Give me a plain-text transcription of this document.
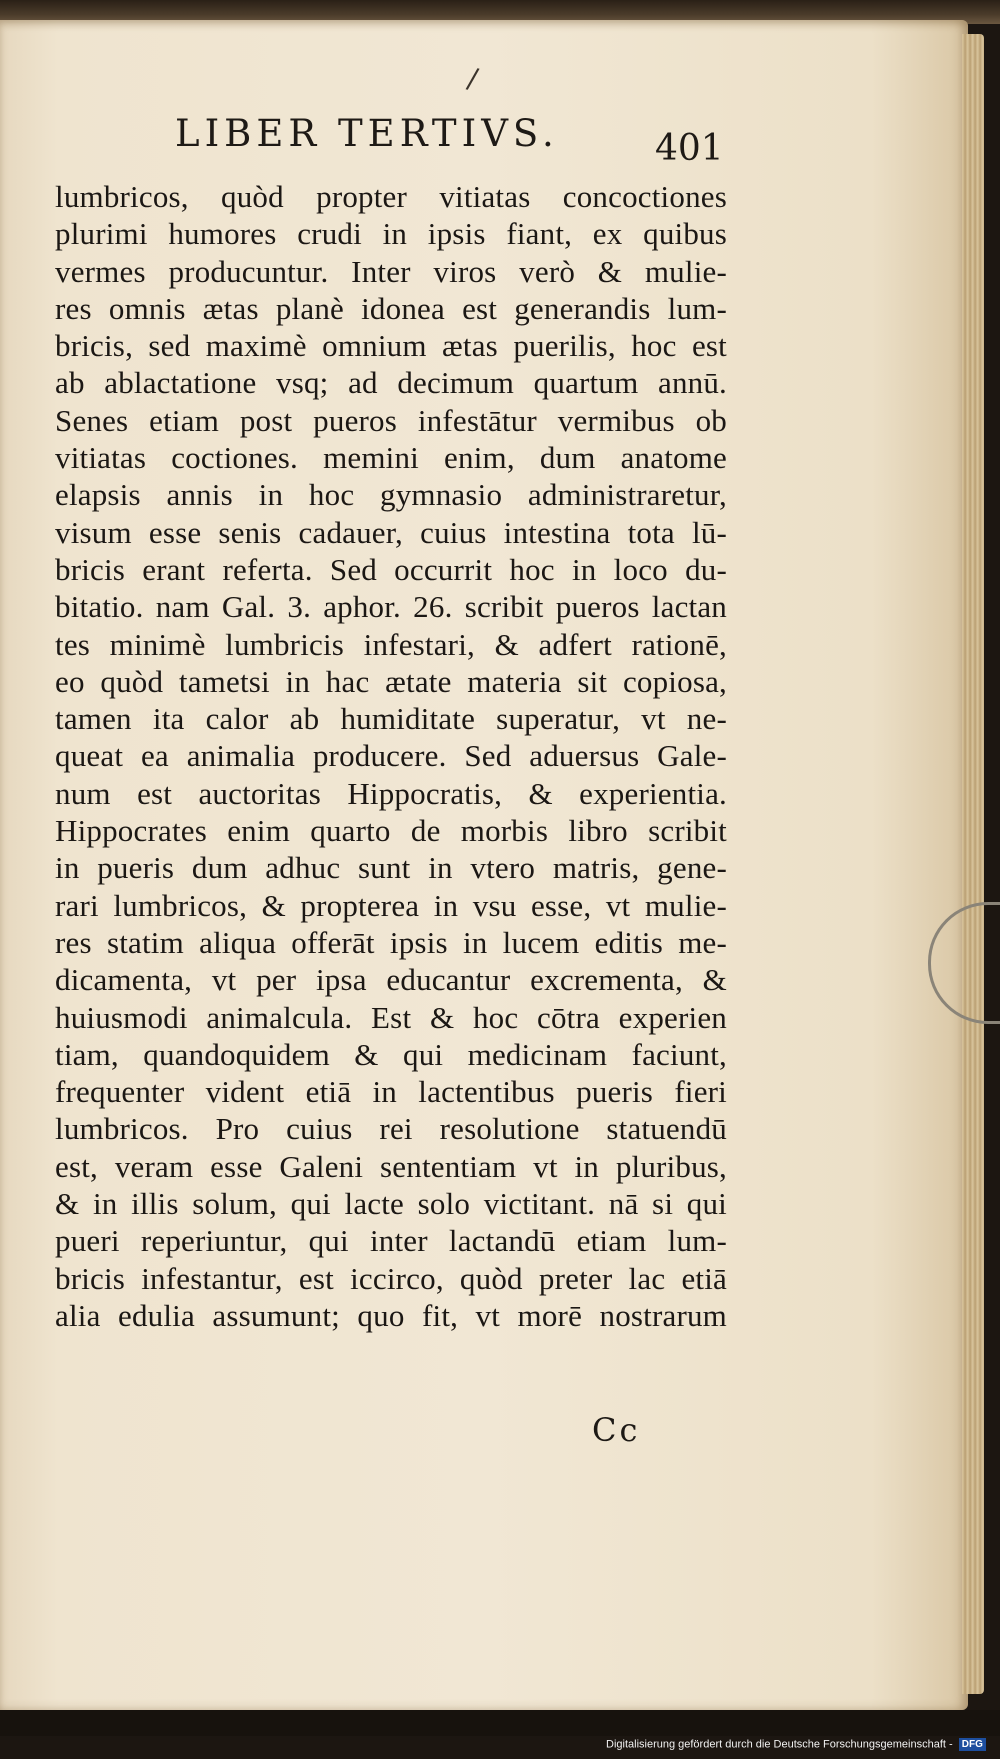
/
LIBER TERTIVS.	401
lumbricos, quòd propter vitiatas concoctiones
plurimi humores crudi in ipsis fiant, ex quibus
vermes producuntur. Inter viros verò & mulie-
res omnis ætas planè idonea est generandis lum-
bricis, sed maximè omnium ætas puerilis, hoc est
ab ablactatione vsq; ad decimum quartum annū.
Senes etiam post pueros infestātur vermibus ob
vitiatas coctiones. memini enim, dum anatome
elapsis annis in hoc gymnasio administraretur,
visum esse senis cadauer, cuius intestina tota lū-
bricis erant referta. Sed occurrit hoc in loco du-
bitatio. nam Gal. 3. aphor. 26. scribit pueros lactan
tes minimè lumbricis infestari, & adfert rationē,
eo quòd tametsi in hac ætate materia sit copiosa,
tamen ita calor ab humiditate superatur, vt ne-
queat ea animalia producere. Sed aduersus Gale-
num est auctoritas Hippocratis, & experientia.
Hippocrates enim quarto de morbis libro scribit
in pueris dum adhuc sunt in vtero matris, gene-
rari lumbricos, & propterea in vsu esse, vt mulie-
res statim aliqua offerāt ipsis in lucem editis me-
dicamenta, vt per ipsa educantur excrementa, &
huiusmodi animalcula. Est & hoc cōtra experien
tiam, quandoquidem & qui medicinam faciunt,
frequenter vident etiā in lactentibus pueris fieri
lumbricos. Pro cuius rei resolutione statuendū
est, veram esse Galeni sententiam vt in pluribus,
& in illis solum, qui lacte solo victitant. nā si qui
pueri reperiuntur, qui inter lactandū etiam lum-
bricis infestantur, est iccirco, quòd preter lac etiā
alia edulia assumunt; quo fit, vt morē nostrarum
Cc
Digitalisierung gefördert durch die Deutsche Forschungsgemeinschaft - DFG
